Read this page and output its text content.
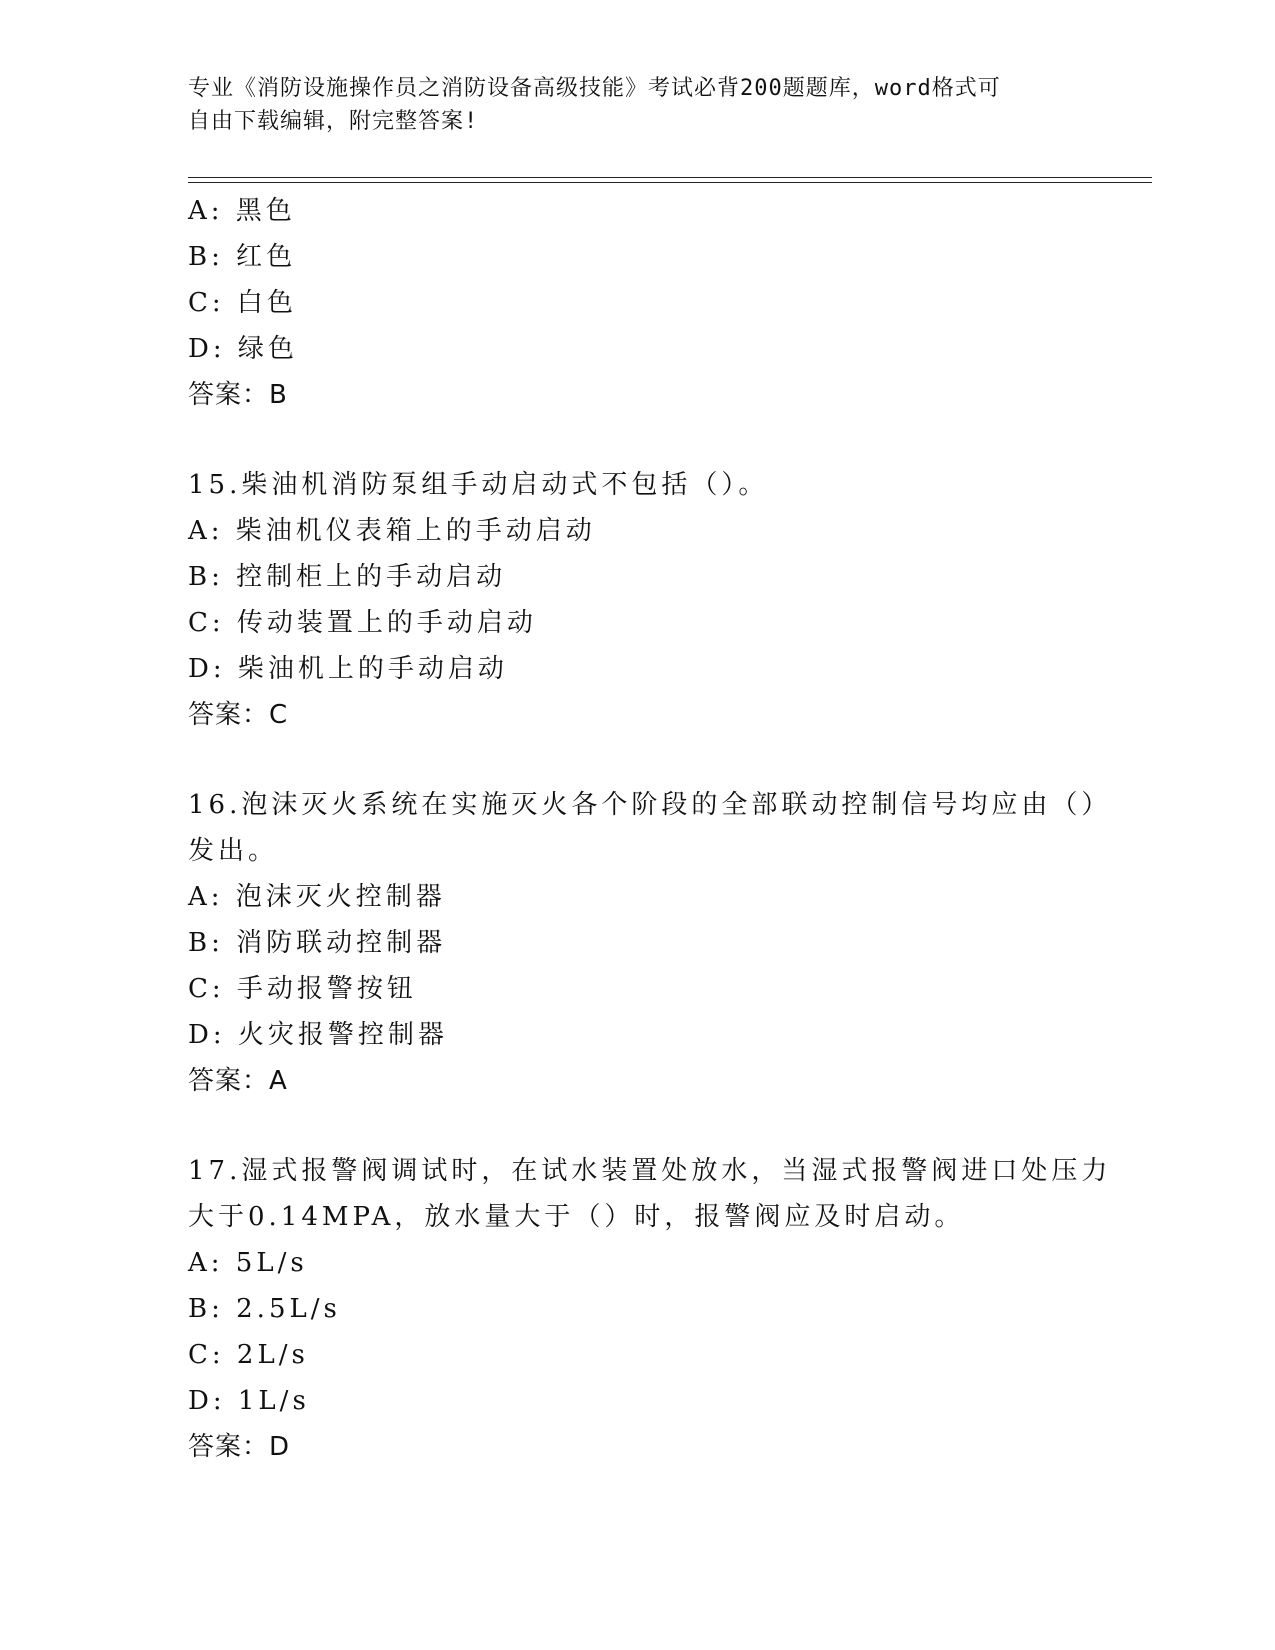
专业《消防设施操作员之消防设备高级技能》考试必背200题题库，word格式可
自由下载编辑，附完整答案!
A: 黑色
B: 红色
C: 白色
D: 绿色
答案：B
15.柴油机消防泵组手动启动式不包括（）。
A: 柴油机仪表箱上的手动启动
B: 控制柜上的手动启动
C: 传动装置上的手动启动
D: 柴油机上的手动启动
答案：C
16.泡沫灭火系统在实施灭火各个阶段的全部联动控制信号均应由（）
发出。
A: 泡沫灭火控制器
B: 消防联动控制器
C: 手动报警按钮
D: 火灾报警控制器
答案：A
17.湿式报警阀调试时，在试水装置处放水，当湿式报警阀进口处压力
大于0.14MPA，放水量大于（）时，报警阀应及时启动。
A: 5L/s
B: 2.5L/s
C: 2L/s
D: 1L/s
答案：D
